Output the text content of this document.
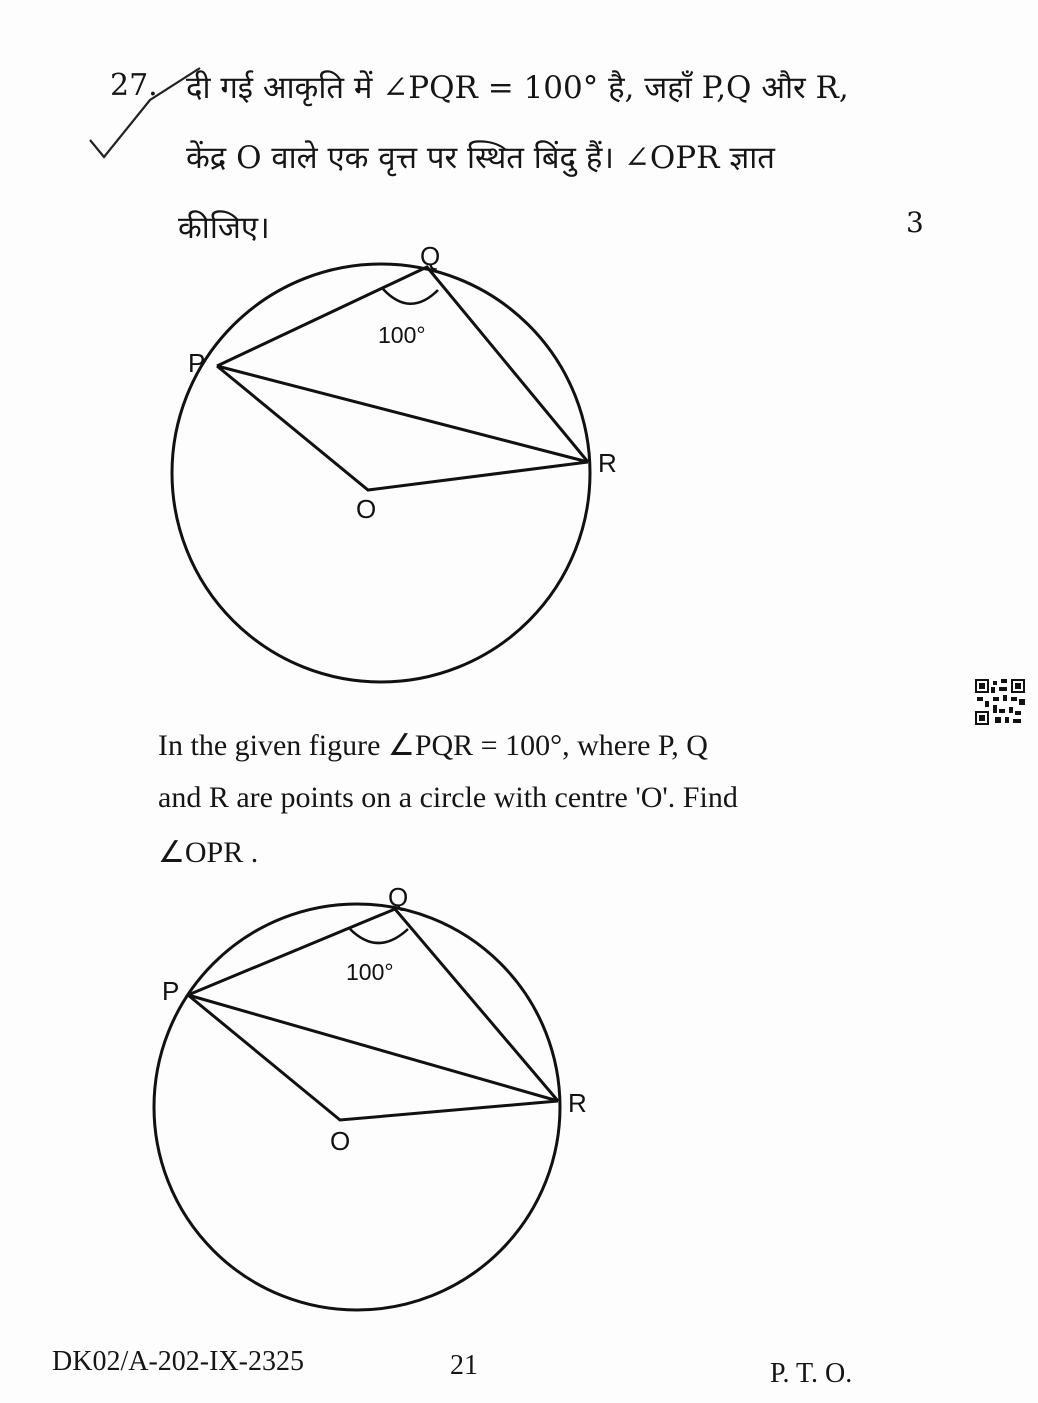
27. दी गई आकृति में ∠PQR = 100° है, जहाँ P,Q और R,
केंद्र O वाले एक वृत्त पर स्थित बिंदु हैं। ∠OPR ज्ञात
कीजिए।	3
Q
P
R
O
100°
In the given figure ∠PQR = 100°, where P, Q
and R are points on a circle with centre 'O'. Find
∠OPR .
Q
P
R
O
100°
DK02/A-202-IX-2325	21	P. T. O.
